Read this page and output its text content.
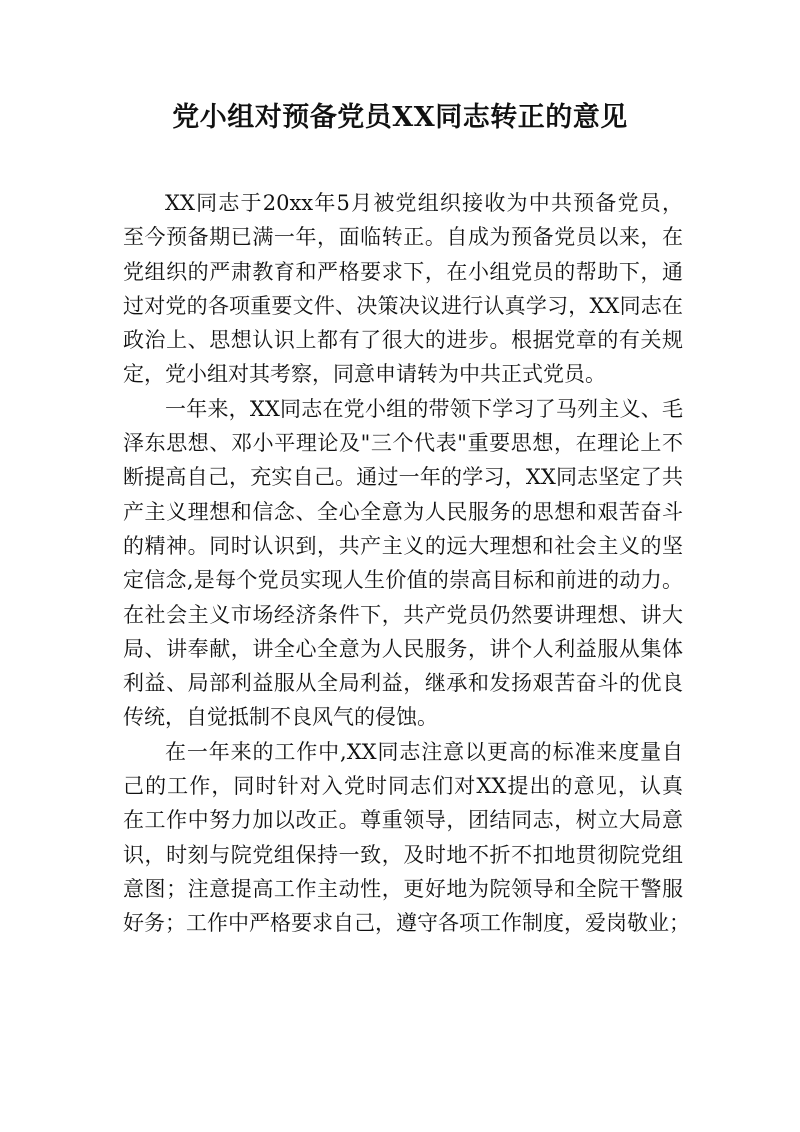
党小组对预备党员XX同志转正的意见
XX同志于20xx年5月被党组织接收为中共预备党员，
至今预备期已满一年，面临转正。自成为预备党员以来，在
党组织的严肃教育和严格要求下，在小组党员的帮助下，通
过对党的各项重要文件、决策决议进行认真学习，XX同志在
政治上、思想认识上都有了很大的进步。根据党章的有关规
定，党小组对其考察，同意申请转为中共正式党员。
一年来，XX同志在党小组的带领下学习了马列主义、毛
泽东思想、邓小平理论及"三个代表"重要思想，在理论上不
断提高自己，充实自己。通过一年的学习，XX同志坚定了共
产主义理想和信念、全心全意为人民服务的思想和艰苦奋斗
的精神。同时认识到，共产主义的远大理想和社会主义的坚
定信念,是每个党员实现人生价值的崇高目标和前进的动力。
在社会主义市场经济条件下，共产党员仍然要讲理想、讲大
局、讲奉献，讲全心全意为人民服务，讲个人利益服从集体
利益、局部利益服从全局利益，继承和发扬艰苦奋斗的优良
传统，自觉抵制不良风气的侵蚀。
在一年来的工作中,XX同志注意以更高的标准来度量自
己的工作，同时针对入党时同志们对XX提出的意见，认真
在工作中努力加以改正。尊重领导，团结同志，树立大局意
识，时刻与院党组保持一致，及时地不折不扣地贯彻院党组
意图；注意提高工作主动性，更好地为院领导和全院干警服
好务；工作中严格要求自己，遵守各项工作制度，爱岗敬业；
